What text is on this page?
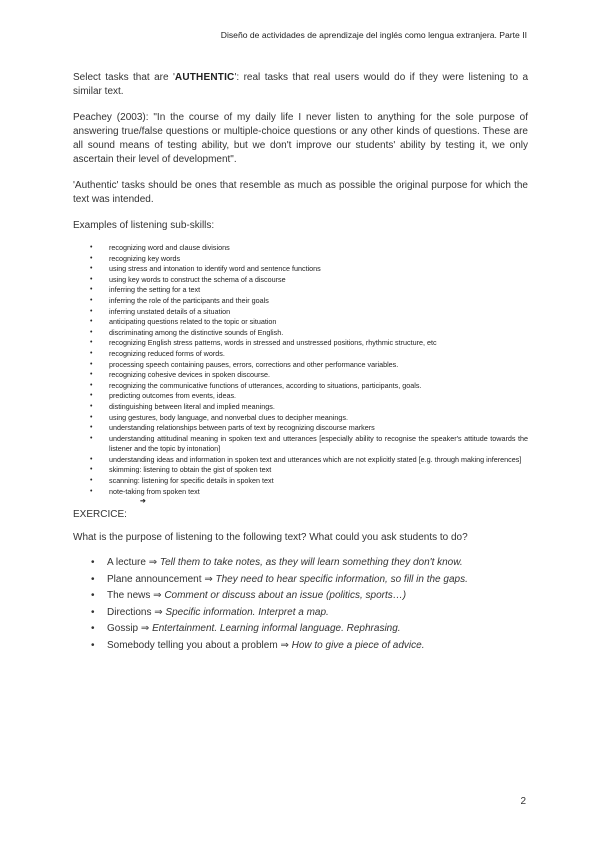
Diseño de actividades de aprendizaje del inglés como lengua extranjera. Parte II

Select tasks that are 'AUTHENTIC': real tasks that real users would do if they were listening to a similar text.

Peachey (2003): "In the course of my daily life I never listen to anything for the sole purpose of answering true/false questions or multiple-choice questions or any other kinds of questions. These are all sound means of testing ability, but we don't improve our students' ability by testing it, we only ascertain their level of development".

'Authentic' tasks should be ones that resemble as much as possible the original purpose for which the text was intended.

Examples of listening sub-skills:

• recognizing word and clause divisions
• recognizing key words
• using stress and intonation to identify word and sentence functions
• using key words to construct the schema of a discourse
• inferring the setting for a text
• inferring the role of the participants and their goals
• inferring unstated details of a situation
• anticipating questions related to the topic or situation
• discriminating among the distinctive sounds of English.
• recognizing English stress patterns, words in stressed and unstressed positions, rhythmic structure, etc
• recognizing reduced forms of words.
• processing speech containing pauses, errors, corrections and other performance variables.
• recognizing cohesive devices in spoken discourse.
• recognizing the communicative functions of utterances, according to situations, participants, goals.
• predicting outcomes from events, ideas.
• distinguishing between literal and implied meanings.
• using gestures, body language, and nonverbal clues to decipher meanings.
• understanding relationships between parts of text by recognizing discourse markers
• understanding attitudinal meaning in spoken text and utterances [especially ability to recognise the speaker's attitude towards the listener and the topic by intonation]
• understanding ideas and information in spoken text and utterances which are not explicitly stated [e.g. through making inferences]
• skimming: listening to obtain the gist of spoken text
• scanning: listening for specific details in spoken text
• note-taking from spoken text
EXERCICE:
What is the purpose of listening to the following text? What could you ask students to do?
• A lecture ⇒ Tell them to take notes, as they will learn something they don't know.
• Plane announcement ⇒ They need to hear specific information, so fill in the gaps.
• The news ⇒ Comment or discuss about an issue (politics, sports…)
• Directions ⇒ Specific information. Interpret a map.
• Gossip ⇒ Entertainment. Learning informal language. Rephrasing.
• Somebody telling you about a problem ⇒ How to give a piece of advice.
2
